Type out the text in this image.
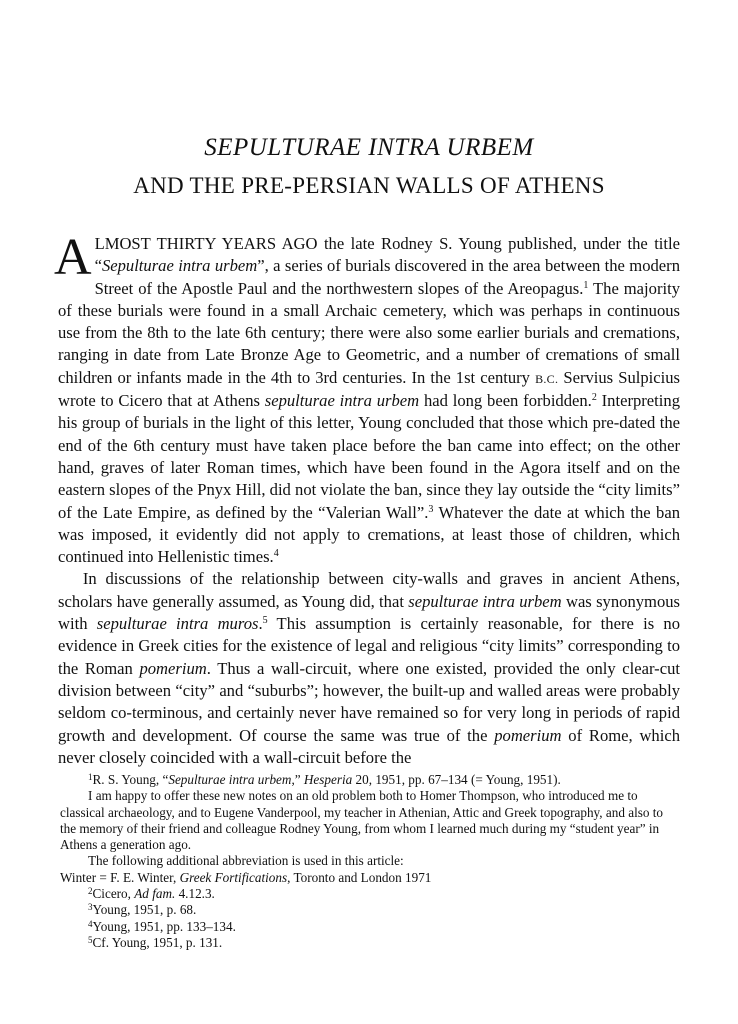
SEPULTURAE INTRA URBEM
AND THE PRE-PERSIAN WALLS OF ATHENS

ALMOST THIRTY YEARS AGO the late Rodney S. Young published, under the title “Sepulturae intra urbem”, a series of burials discovered in the area between the modern Street of the Apostle Paul and the northwestern slopes of the Areopagus.$^1$ The majority of these burials were found in a small Archaic cemetery, which was perhaps in continuous use from the 8th to the late 6th century; there were also some earlier burials and cremations, ranging in date from Late Bronze Age to Geometric, and a number of cremations of small children or infants made in the 4th to 3rd centuries. In the 1st century B.C. Servius Sulpicius wrote to Cicero that at Athens sepulturae intra urbem had long been forbidden.$^2$ Interpreting his group of burials in the light of this letter, Young concluded that those which pre-dated the end of the 6th century must have taken place before the ban came into effect; on the other hand, graves of later Roman times, which have been found in the Agora itself and on the eastern slopes of the Pnyx Hill, did not violate the ban, since they lay outside the “city limits” of the Late Empire, as defined by the “Valerian Wall”.$^3$ Whatever the date at which the ban was imposed, it evidently did not apply to cremations, at least those of children, which continued into Hellenistic times.$^4$

In discussions of the relationship between city-walls and graves in ancient Athens, scholars have generally assumed, as Young did, that sepulturae intra urbem was synonymous with sepulturae intra muros.$^5$ This assumption is certainly reasonable, for there is no evidence in Greek cities for the existence of legal and religious “city limits” corresponding to the Roman pomerium. Thus a wall-circuit, where one existed, provided the only clear-cut division between “city” and “suburbs”; however, the built-up and walled areas were probably seldom co-terminous, and certainly never have remained so for very long in periods of rapid growth and development. Of course the same was true of the pomerium of Rome, which never closely coincided with a wall-circuit before the

$^1$R. S. Young, “Sepulturae intra urbem,” Hesperia 20, 1951, pp. 67–134 (= Young, 1951).

I am happy to offer these new notes on an old problem both to Homer Thompson, who introduced me to classical archaeology, and to Eugene Vanderpool, my teacher in Athenian, Attic and Greek topography, and also to the memory of their friend and colleague Rodney Young, from whom I learned much during my “student year” in Athens a generation ago.

The following additional abbreviation is used in this article:

Winter = F. E. Winter, Greek Fortifications, Toronto and London 1971

$^2$Cicero, Ad fam. 4.12.3.

$^3$Young, 1951, p. 68.

$^4$Young, 1951, pp. 133–134.

$^5$Cf. Young, 1951, p. 131.
